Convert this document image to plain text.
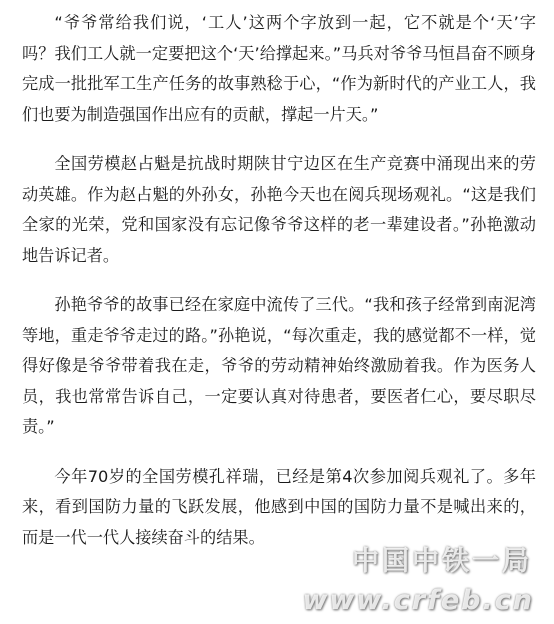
“爷爷常给我们说，‘工人’这两个字放到一起，它不就是个‘天’字吗？我们工人就一定要把这个‘天’给撑起来。”马兵对爷爷马恒昌奋不顾身完成一批批军工生产任务的故事熟稔于心，“作为新时代的产业工人，我们也要为制造强国作出应有的贡献，撑起一片天。”

全国劳模赵占魁是抗战时期陕甘宁边区在生产竞赛中涌现出来的劳动英雄。作为赵占魁的外孙女，孙艳今天也在阅兵现场观礼。“这是我们全家的光荣，党和国家没有忘记像爷爷这样的老一辈建设者。”孙艳激动地告诉记者。

孙艳爷爷的故事已经在家庭中流传了三代。“我和孩子经常到南泥湾等地，重走爷爷走过的路。”孙艳说，“每次重走，我的感觉都不一样，觉得好像是爷爷带着我在走，爷爷的劳动精神始终激励着我。作为医务人员，我也常常告诉自己，一定要认真对待患者，要医者仁心，要尽职尽责。”

今年70岁的全国劳模孔祥瑞，已经是第4次参加阅兵观礼了。多年来，看到国防力量的飞跃发展，他感到中国的国防力量不是喊出来的，而是一代一代人接续奋斗的结果。

中国中铁一局
www.crfeb.cn
